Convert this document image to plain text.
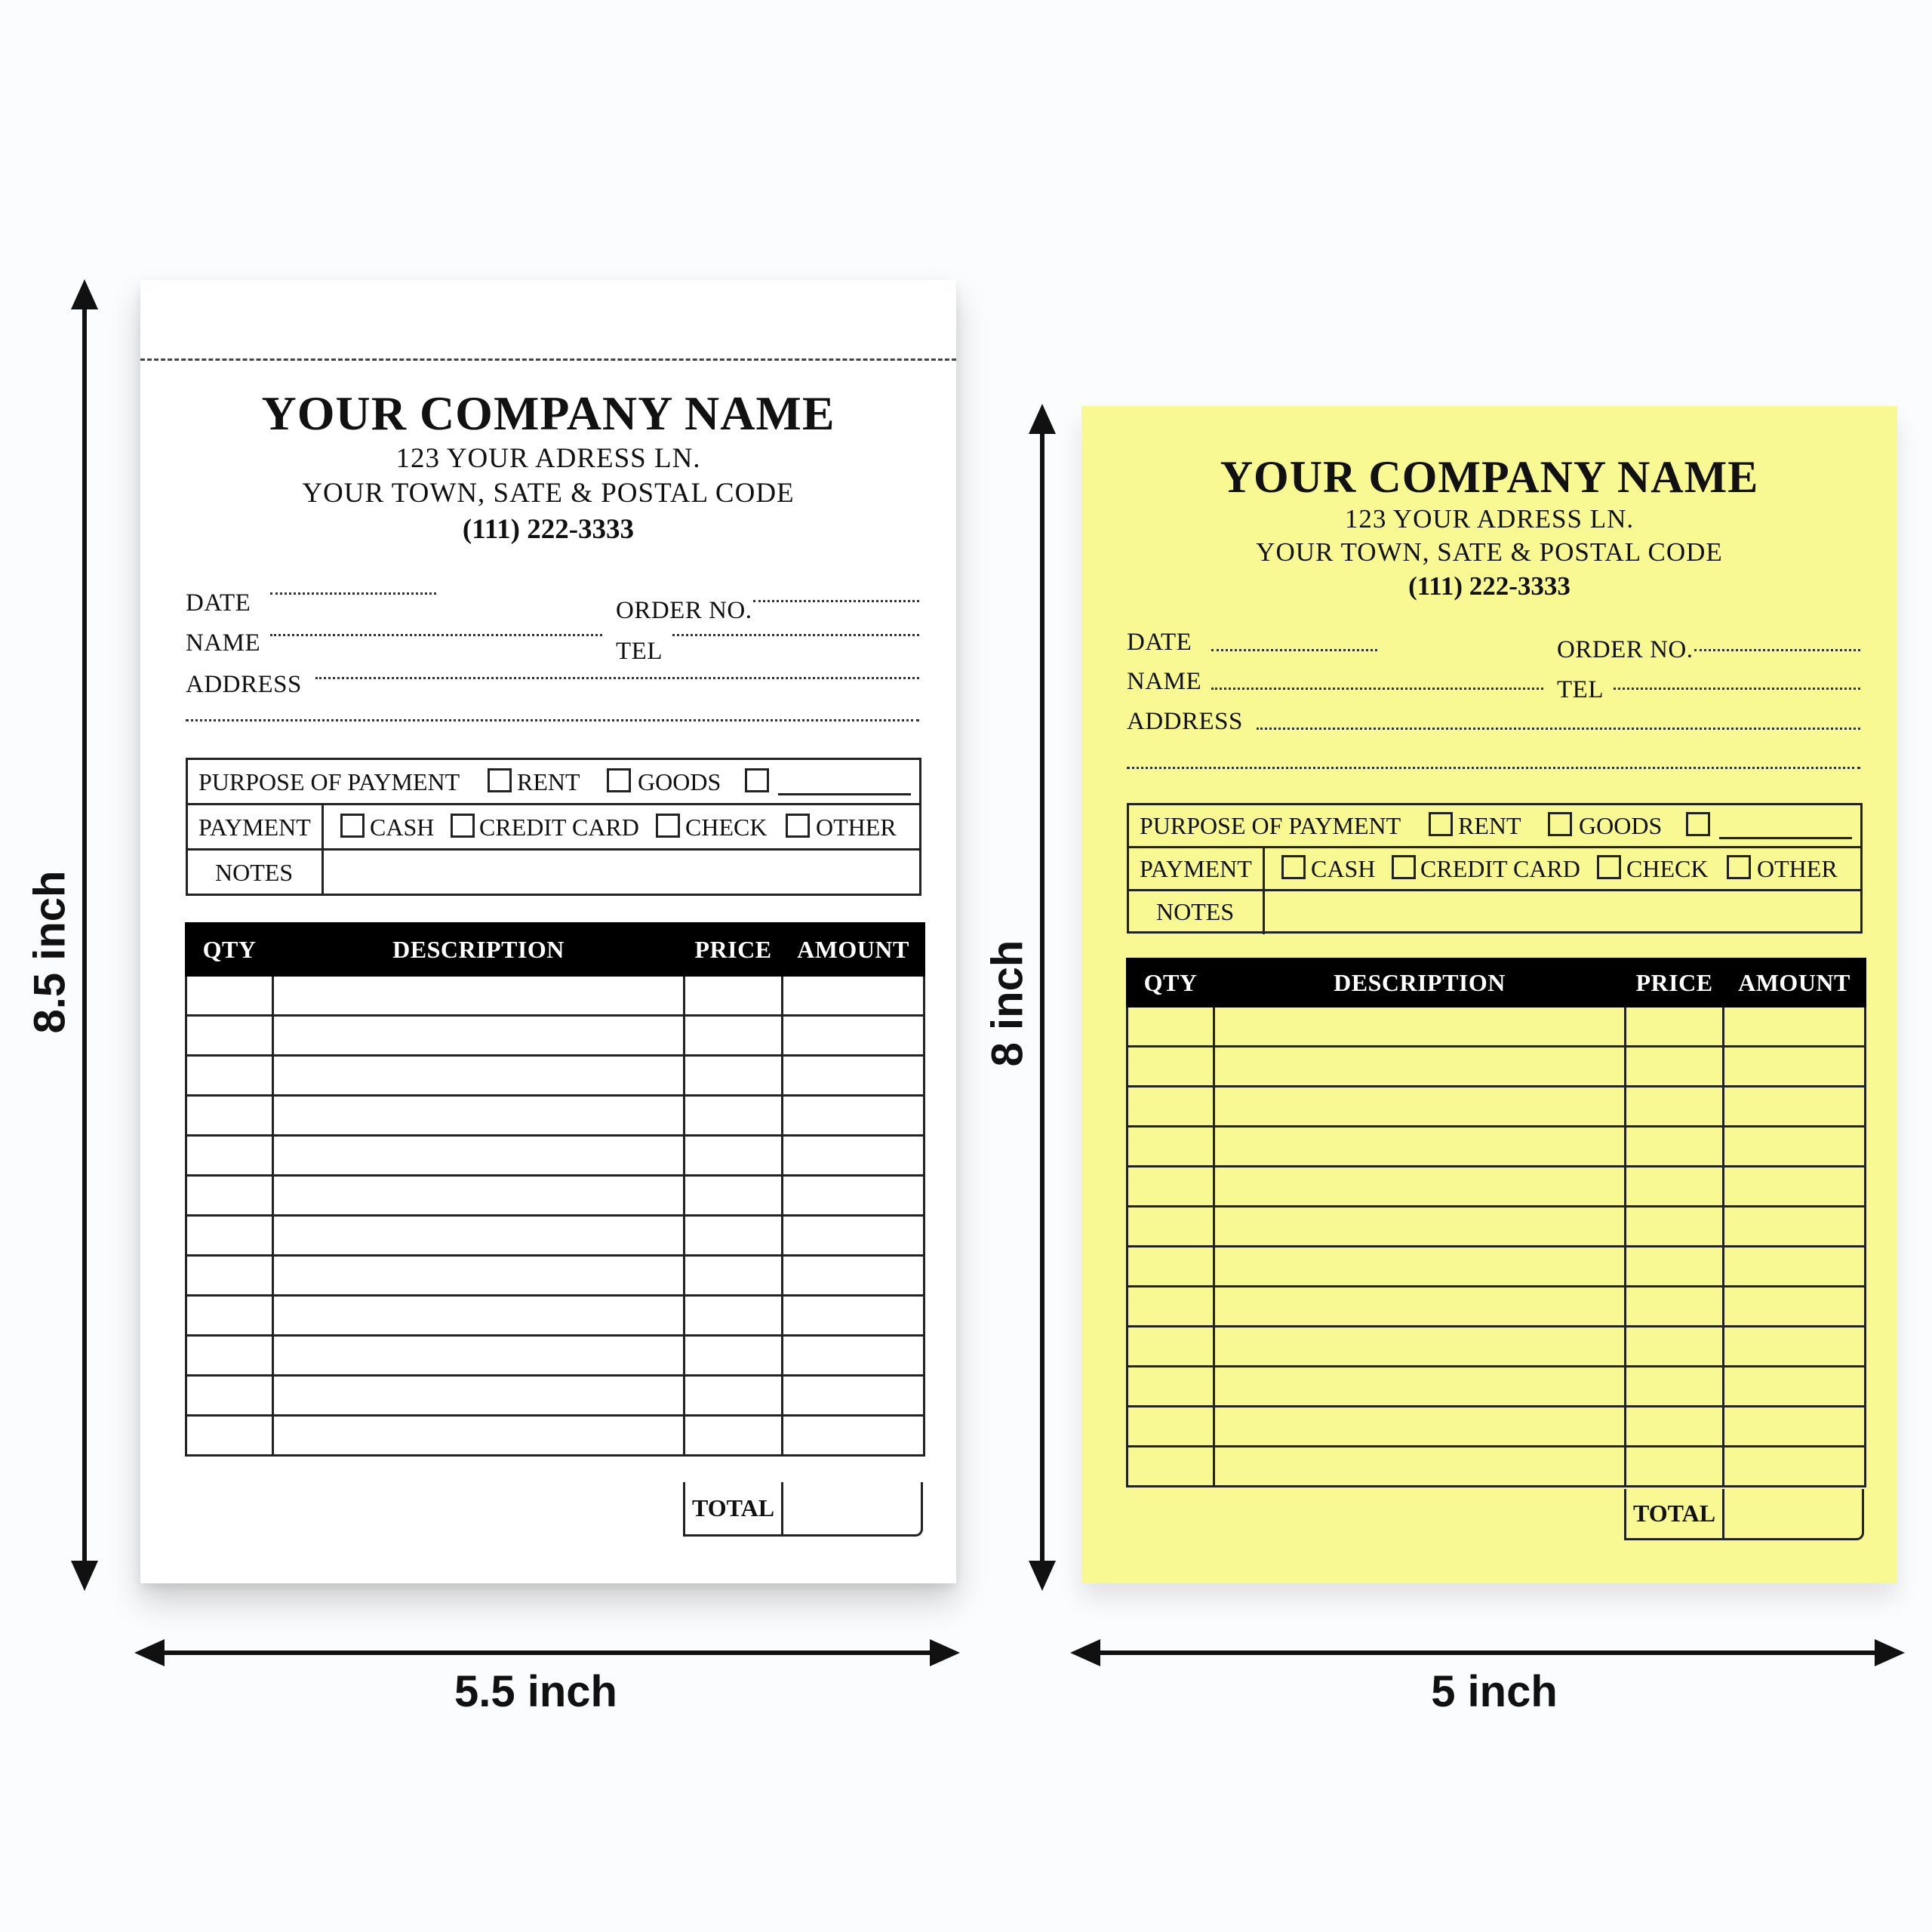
YOUR COMPANY NAME
123 YOUR ADRESS LN.
YOUR TOWN, SATE & POSTAL CODE
(111) 222-3333
DATE	ORDER NO.
NAME	TEL
ADDRESS
PURPOSE OF PAYMENT RENT GOODS
PAYMENT CASH CREDIT CARD CHECK OTHER
NOTES
QTY	DESCRIPTION	PRICE	AMOUNT

TOTAL
YOUR COMPANY NAME
123 YOUR ADRESS LN.
YOUR TOWN, SATE & POSTAL CODE
(111) 222-3333
DATE	ORDER NO.
NAME	TEL
ADDRESS
PURPOSE OF PAYMENT RENT GOODS
PAYMENT CASH CREDIT CARD CHECK OTHER
NOTES
QTY	DESCRIPTION	PRICE	AMOUNT

TOTAL
8.5 inch
5.5 inch
8 inch
5 inch
